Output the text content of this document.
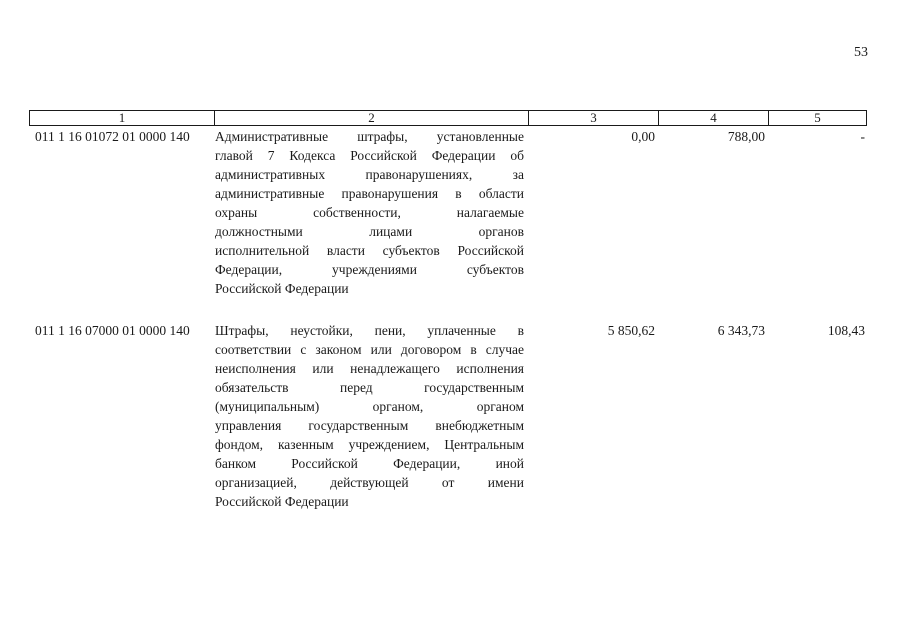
53
1	2	3	4	5
011 1 16 01072 01 0000 140	Административные штрафы, установленные
главой 7 Кодекса Российской Федерации об
административных правонарушениях, за
административные правонарушения в области
охраны собственности, налагаемые
должностными лицами органов
исполнительной власти субъектов Российской
Федерации, учреждениями субъектов
Российской Федерации
0,00	788,00	-
011 1 16 07000 01 0000 140	Штрафы, неустойки, пени, уплаченные в
соответствии с законом или договором в случае
неисполнения или ненадлежащего исполнения
обязательств перед государственным
(муниципальным) органом, органом
управления государственным внебюджетным
фондом, казенным учреждением, Центральным
банком Российской Федерации, иной
организацией, действующей от имени
Российской Федерации
5 850,62	6 343,73	108,43
